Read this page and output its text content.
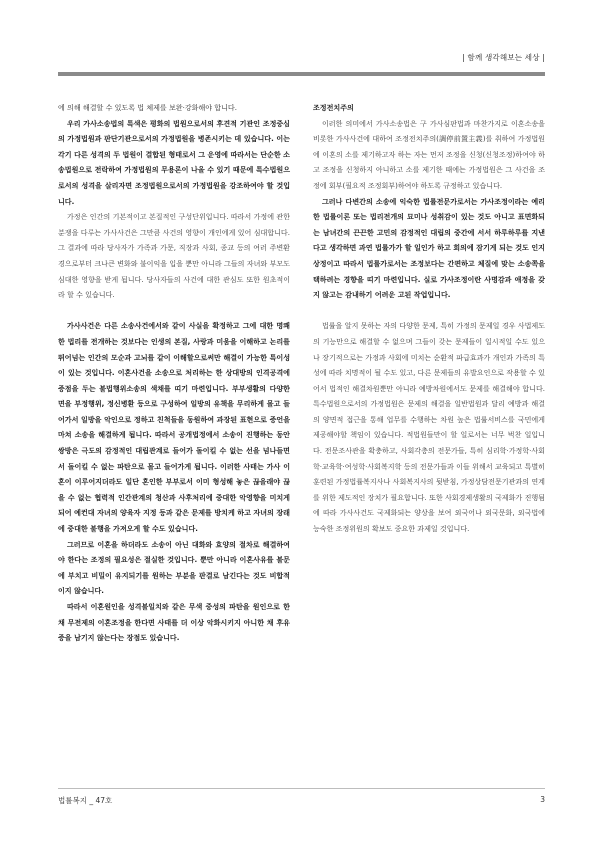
| 함께 생각해보는 세상 |

에 의해 해결할 수 있도록 법 체제를 보완·강화해야 합니다.

우리 가사소송법의 특색은 평화의 법원으로서의 후견적 기관인 조정중심의 가정법원과 판단기관으로서의 가정법원을 병존시키는 데 있습니다. 이는 각기 다른 성격의 두 법원이 결합된 형태로서 그 운영에 따라서는 단순한 소송법원으로 전락하여 가정법원의 무용론이 나올 수 있기 때문에 특수법원으로서의 성격을 살리자면 조정법원으로서의 가정법원을 강조하여야 할 것입니다.

가정은 인간의 기본적이고 본질적인 구성단위입니다. 따라서 가정에 관한 분쟁을 다루는 가사사건은 그만큼 사건의 영향이 개인에게 있어 심대합니다. 그 결과에 따라 당사자가 가족과 가문, 직장과 사회, 종교 등의 여러 주변환경으로부터 크나큰 변화와 불이익을 입을 뿐만 아니라 그들의 자녀와 부모도 심대한 영향을 받게 됩니다. 당사자들의 사건에 대한 관심도 또한 원초적이라 할 수 있습니다.

가사사건은 다른 소송사건에서와 같이 사실을 확정하고 그에 대한 명쾌한 법리를 전개하는 것보다는 인생의 본질, 사랑과 미움을 이해하고 논리를 뛰어넘는 인간의 모순과 고뇌를 같이 이해할으로써만 해결이 가능한 특이성이 있는 것입니다. 이혼사건을 소송으로 처리하는 한 상대방의 인격공격에 증점을 두는 불법행위소송의 색채를 띠기 마련입니다. 부부생활의 다양한 면을 부정행위, 정신병환 등으로 구성하여 일방의 유책을 무리하게 몰고 들어가서 일방을 악인으로 정하고 친척들을 동원하여 과장된 표현으로 증언을 마쳐 소송을 해결하게 됩니다. 따라서 공개법정에서 소송이 진행하는 동안 쌍방은 극도의 감정적인 대립관계로 들어가 돌이킬 수 없는 선을 넘나들면서 돌이킬 수 없는 파탄으로 몰고 들어가게 됩니다. 이러한 사태는 가사 이혼이 이루어지더라도 일단 혼인한 부부로서 이미 형성해 놓은 끊을래야 끊을 수 없는 협력적 인간관계의 청산과 사후처리에 중대한 악영향을 미치게 되어 예컨대 자녀의 양육자 지정 등과 같은 문제를 방치케 하고 자녀의 장래에 중대한 불행을 가져오게 할 수도 있습니다.

그러므로 이혼을 하더라도 소송이 아닌 대화와 효양의 절차로 해결하여야 한다는 조정의 필요성은 절실한 것입니다. 뿐만 아니라 이혼사유를 불문에 부치고 비밀이 유지되기를 원하는 부분을 판결로 남긴다는 것도 비합적이지 않습니다.

따라서 이혼원인을 성격불일치와 같은 무색 중성의 파탄을 원인으로 한 채 무전제의 이혼조정을 한다면 사태를 더 이상 악화시키지 아니한 채 후유증을 남기지 않는다는 장점도 있습니다.

조정전치주의

이러한 의미에서 가사소송법은 구 가사심판법과 마찬가지로 이혼소송을 비롯한 가사사건에 대하여 조정전치주의(調停前置主義)를 취하여 가정법원에 이혼의 소를 제기하고자 하는 자는 먼저 조정을 신청(신청조정)하여야 하고 조정을 신청하지 아니하고 소를 제기한 때에는 가정법원은 그 사건을 조정에 회부(필요적 조정회부)하여야 하도록 규정하고 있습니다.

그러나 다변간의 소송에 익숙한 법률전문가로서는 가사조정이라는 예리한 법률이론 또는 법리전개의 묘미나 성취감이 있는 것도 아니고 표면화되는 남녀간의 끈끈한 고민의 감정적인 대립의 중간에 서서 하루하루를 지낸다고 생각하면 과연 법률가가 할 일인가 하고 회의에 잠기게 되는 것도 인지상정이고 따라서 법률가로서는 조정보다는 간편하고 체질에 맞는 소송쪽을 택하려는 경향을 띠기 마련입니다. 실로 가사조정이란 사명감과 애정을 갖지 않고는 감내하기 어려운 고된 작업입니다.

법률을 알지 못하는 자의 다양한 문제, 특히 가정의 문제일 경우 사법제도의 기능만으로 해결할 수 없으며 그들이 갖는 문제들이 일시적일 수도 있으나 장기적으로는 가정과 사회에 미치는 순환적 파급효과가 개인과 가족의 특성에 따라 치명적이 될 수도 있고, 다른 문제들의 유발요인으로 작용할 수 있어서 법적인 해결차원뿐만 아니라 예방차원에서도 문제를 해결해야 합니다. 특수법원으로서의 가정법원은 문제의 해결을 일반법원과 달리 예방과 해결의 양면적 접근을 통해 업무를 수행하는 차원 높은 법률서비스를 국민에게 제공해야할 책임이 있습니다. 적법원들만이 할 일로서는 너무 벅찬 일입니다. 전문조사관을 확충하고, 사회각층의 전문가들, 특히 심리학·가정학·사회학·교육학·여성학·사회복지학 등의 전문가들과 이들 위해서 교육되고 특별히 훈련된 가정법률복지사나 사회복지사의 뒷받침, 가정상담전문기관과의 연계를 위한 제도적인 장치가 필요합니다. 또한 사회경제생활의 국제화가 진행됨에 따라 가사사건도 국제화되는 양상을 보여 외국어나 외국문화, 외국법에 능숙한 조정위원의 확보도 중요한 과제일 것입니다.

법률복지 _ 47호	3
